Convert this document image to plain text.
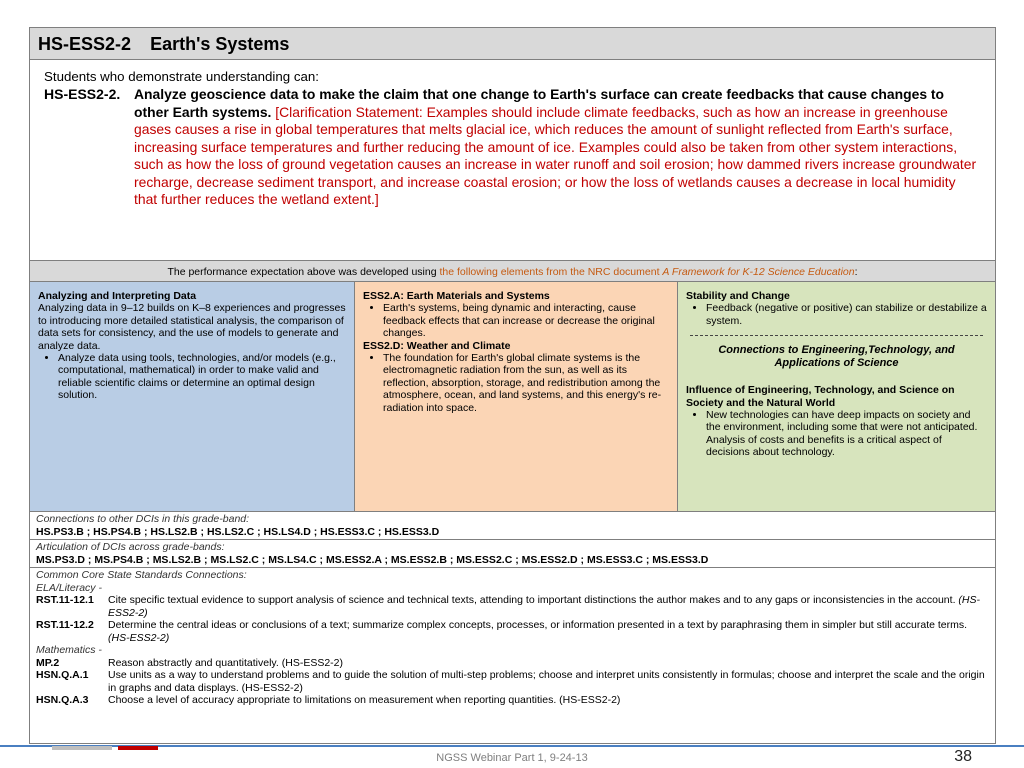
HS-ESS2-2 Earth's Systems
Students who demonstrate understanding can:
HS-ESS2-2. Analyze geoscience data to make the claim that one change to Earth's surface can create feedbacks that cause changes to other Earth systems. [Clarification Statement: Examples should include climate feedbacks, such as how an increase in greenhouse gases causes a rise in global temperatures that melts glacial ice, which reduces the amount of sunlight reflected from Earth's surface, increasing surface temperatures and further reducing the amount of ice. Examples could also be taken from other system interactions, such as how the loss of ground vegetation causes an increase in water runoff and soil erosion; how dammed rivers increase groundwater recharge, decrease sediment transport, and increase coastal erosion; or how the loss of wetlands causes a decrease in local humidity that further reduces the wetland extent.]
The performance expectation above was developed using the following elements from the NRC document A Framework for K-12 Science Education:
Analyzing and Interpreting Data
Analyzing data in 9–12 builds on K–8 experiences and progresses to introducing more detailed statistical analysis, the comparison of data sets for consistency, and the use of models to generate and analyze data.
• Analyze data using tools, technologies, and/or models (e.g., computational, mathematical) in order to make valid and reliable scientific claims or determine an optimal design solution.
ESS2.A: Earth Materials and Systems
• Earth's systems, being dynamic and interacting, cause feedback effects that can increase or decrease the original changes.
ESS2.D: Weather and Climate
• The foundation for Earth's global climate systems is the electromagnetic radiation from the sun, as well as its reflection, absorption, storage, and redistribution among the atmosphere, ocean, and land systems, and this energy's re-radiation into space.
Stability and Change
• Feedback (negative or positive) can stabilize or destabilize a system.
Connections to Engineering,Technology, and Applications of Science
Influence of Engineering, Technology, and Science on Society and the Natural World
• New technologies can have deep impacts on society and the environment, including some that were not anticipated. Analysis of costs and benefits is a critical aspect of decisions about technology.
Connections to other DCIs in this grade-band:
HS.PS3.B ; HS.PS4.B ; HS.LS2.B ; HS.LS2.C ; HS.LS4.D ; HS.ESS3.C ; HS.ESS3.D
Articulation of DCIs across grade-bands:
MS.PS3.D ; MS.PS4.B ; MS.LS2.B ; MS.LS2.C ; MS.LS4.C ; MS.ESS2.A ; MS.ESS2.B ; MS.ESS2.C ; MS.ESS2.D ; MS.ESS3.C ; MS.ESS3.D
Common Core State Standards Connections:
ELA/Literacy -
RST.11-12.1	Cite specific textual evidence to support analysis of science and technical texts, attending to important distinctions the author makes and to any gaps or inconsistencies in the account. (HS-ESS2-2)
RST.11-12.2	Determine the central ideas or conclusions of a text; summarize complex concepts, processes, or information presented in a text by paraphrasing them in simpler but still accurate terms. (HS-ESS2-2)
Mathematics -
MP.2	Reason abstractly and quantitatively. (HS-ESS2-2)
HSN.Q.A.1	Use units as a way to understand problems and to guide the solution of multi-step problems; choose and interpret units consistently in formulas; choose and interpret the scale and the origin in graphs and data displays. (HS-ESS2-2)
HSN.Q.A.3	Choose a level of accuracy appropriate to limitations on measurement when reporting quantities. (HS-ESS2-2)
NGSS Webinar Part 1, 9-24-13	38
